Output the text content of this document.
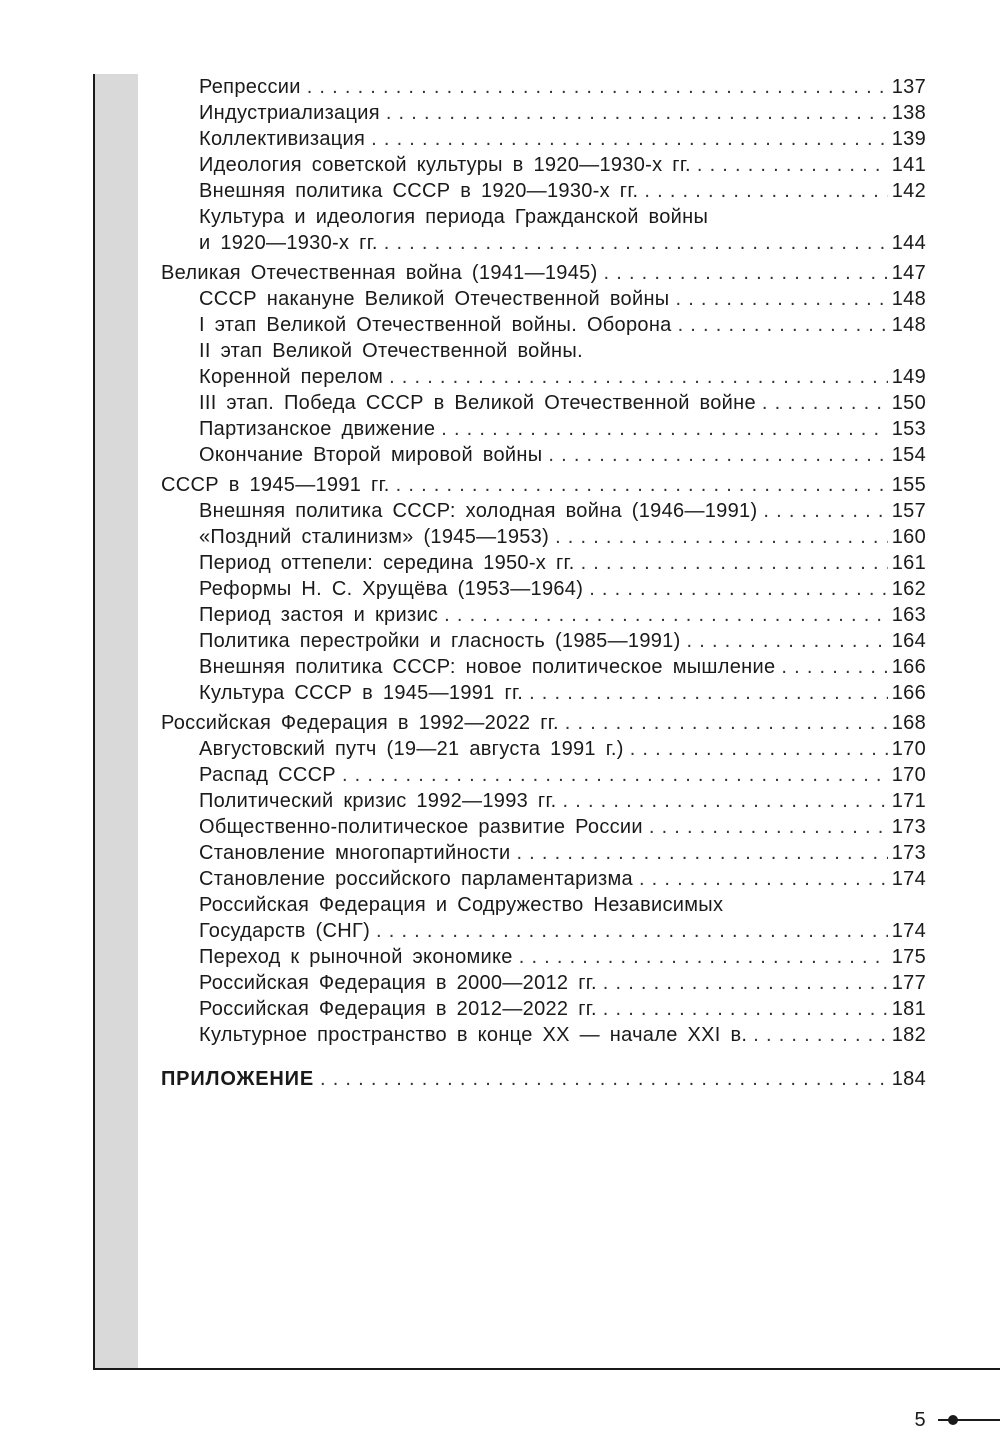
Репрессии . . .	137
Индустриализация . . .	138
Коллективизация . . .	139
Идеология советской культуры в 1920—1930-х гг. . . .	141
Внешняя политика СССР в 1920—1930-х гг. . . .	142
Культура и идеология периода Гражданской войны
и 1920—1930-х гг. . . .	144
Великая Отечественная война (1941—1945) . . .	147
СССР накануне Великой Отечественной войны . . .	148
I этап Великой Отечественной войны. Оборона . . .	148
II этап Великой Отечественной войны.
Коренной перелом . . .	149
III этап. Победа СССР в Великой Отечественной войне . . .	150
Партизанское движение . . .	153
Окончание Второй мировой войны . . .	154
СССР в 1945—1991 гг. . . .	155
Внешняя политика СССР: холодная война (1946—1991) . . .	157
«Поздний сталинизм» (1945—1953) . . .	160
Период оттепели: середина 1950-х гг. . . .	161
Реформы Н. С. Хрущёва (1953—1964) . . .	162
Период застоя и кризис . . .	163
Политика перестройки и гласность (1985—1991) . . .	164
Внешняя политика СССР: новое политическое мышление . . .	166
Культура СССР в 1945—1991 гг. . . .	166
Российская Федерация в 1992—2022 гг. . . .	168
Августовский путч (19—21 августа 1991 г.) . . .	170
Распад СССР . . .	170
Политический кризис 1992—1993 гг. . . .	171
Общественно-политическое развитие России . . .	173
Становление многопартийности . . .	173
Становление российского парламентаризма . . .	174
Российская Федерация и Содружество Независимых
Государств (СНГ) . . .	174
Переход к рыночной экономике . . .	175
Российская Федерация в 2000—2012 гг. . . .	177
Российская Федерация в 2012—2022 гг. . . .	181
Культурное пространство в конце XX — начале XXI в. . . .	182
ПРИЛОЖЕНИЕ . . .	184
5
